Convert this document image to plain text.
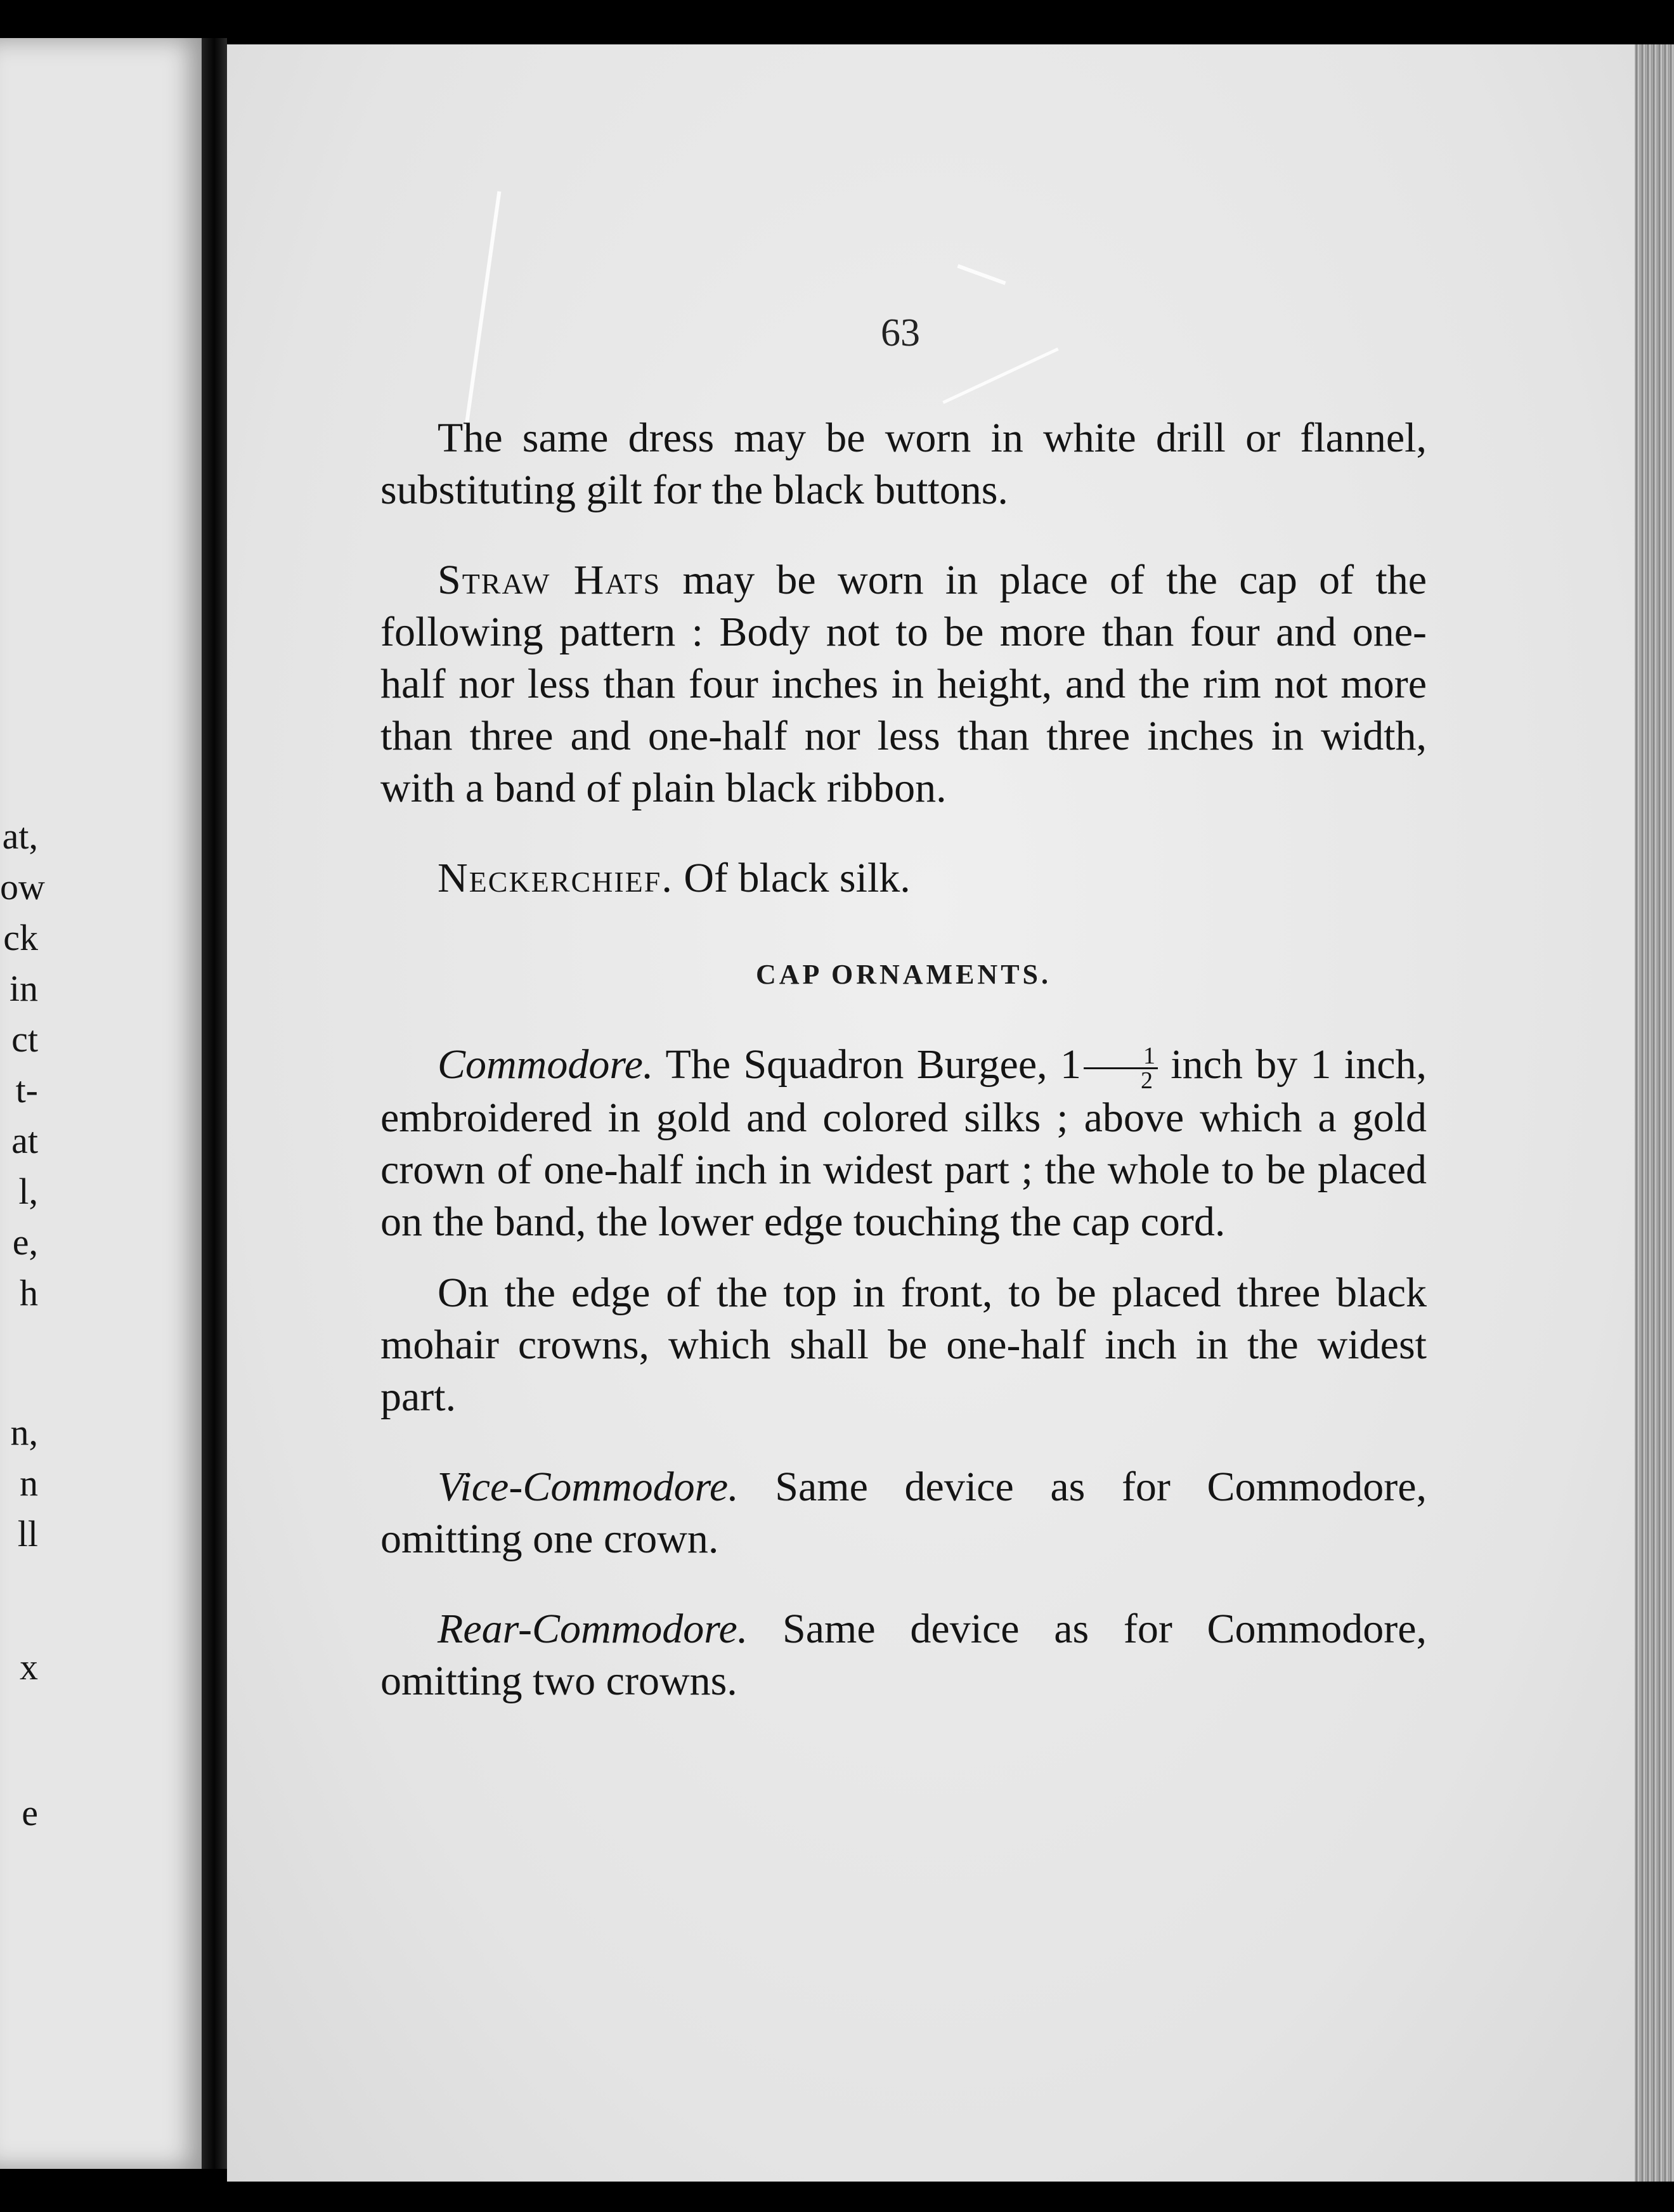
at,
ow
ck
in
ct
t-
at
l,
e,
h
n,
n
ll
x
e
63

The same dress may be worn in white drill or flannel, substituting gilt for the black buttons.

Straw Hats may be worn in place of the cap of the following pattern : Body not to be more than four and one-half nor less than four inches in height, and the rim not more than three and one-half nor less than three inches in width, with a band of plain black ribbon.

Neckerchief. Of black silk.

CAP ORNAMENTS.

Commodore. The Squadron Burgee, $1 \frac{1}{2}$ inch by 1 inch, embroidered in gold and colored silks ; above which a gold crown of one-half inch in widest part ; the whole to be placed on the band, the lower edge touching the cap cord.

On the edge of the top in front, to be placed three black mohair crowns, which shall be one-half inch in the widest part.

Vice-Commodore. Same device as for Commodore, omitting one crown.

Rear-Commodore. Same device as for Commodore, omitting two crowns.
